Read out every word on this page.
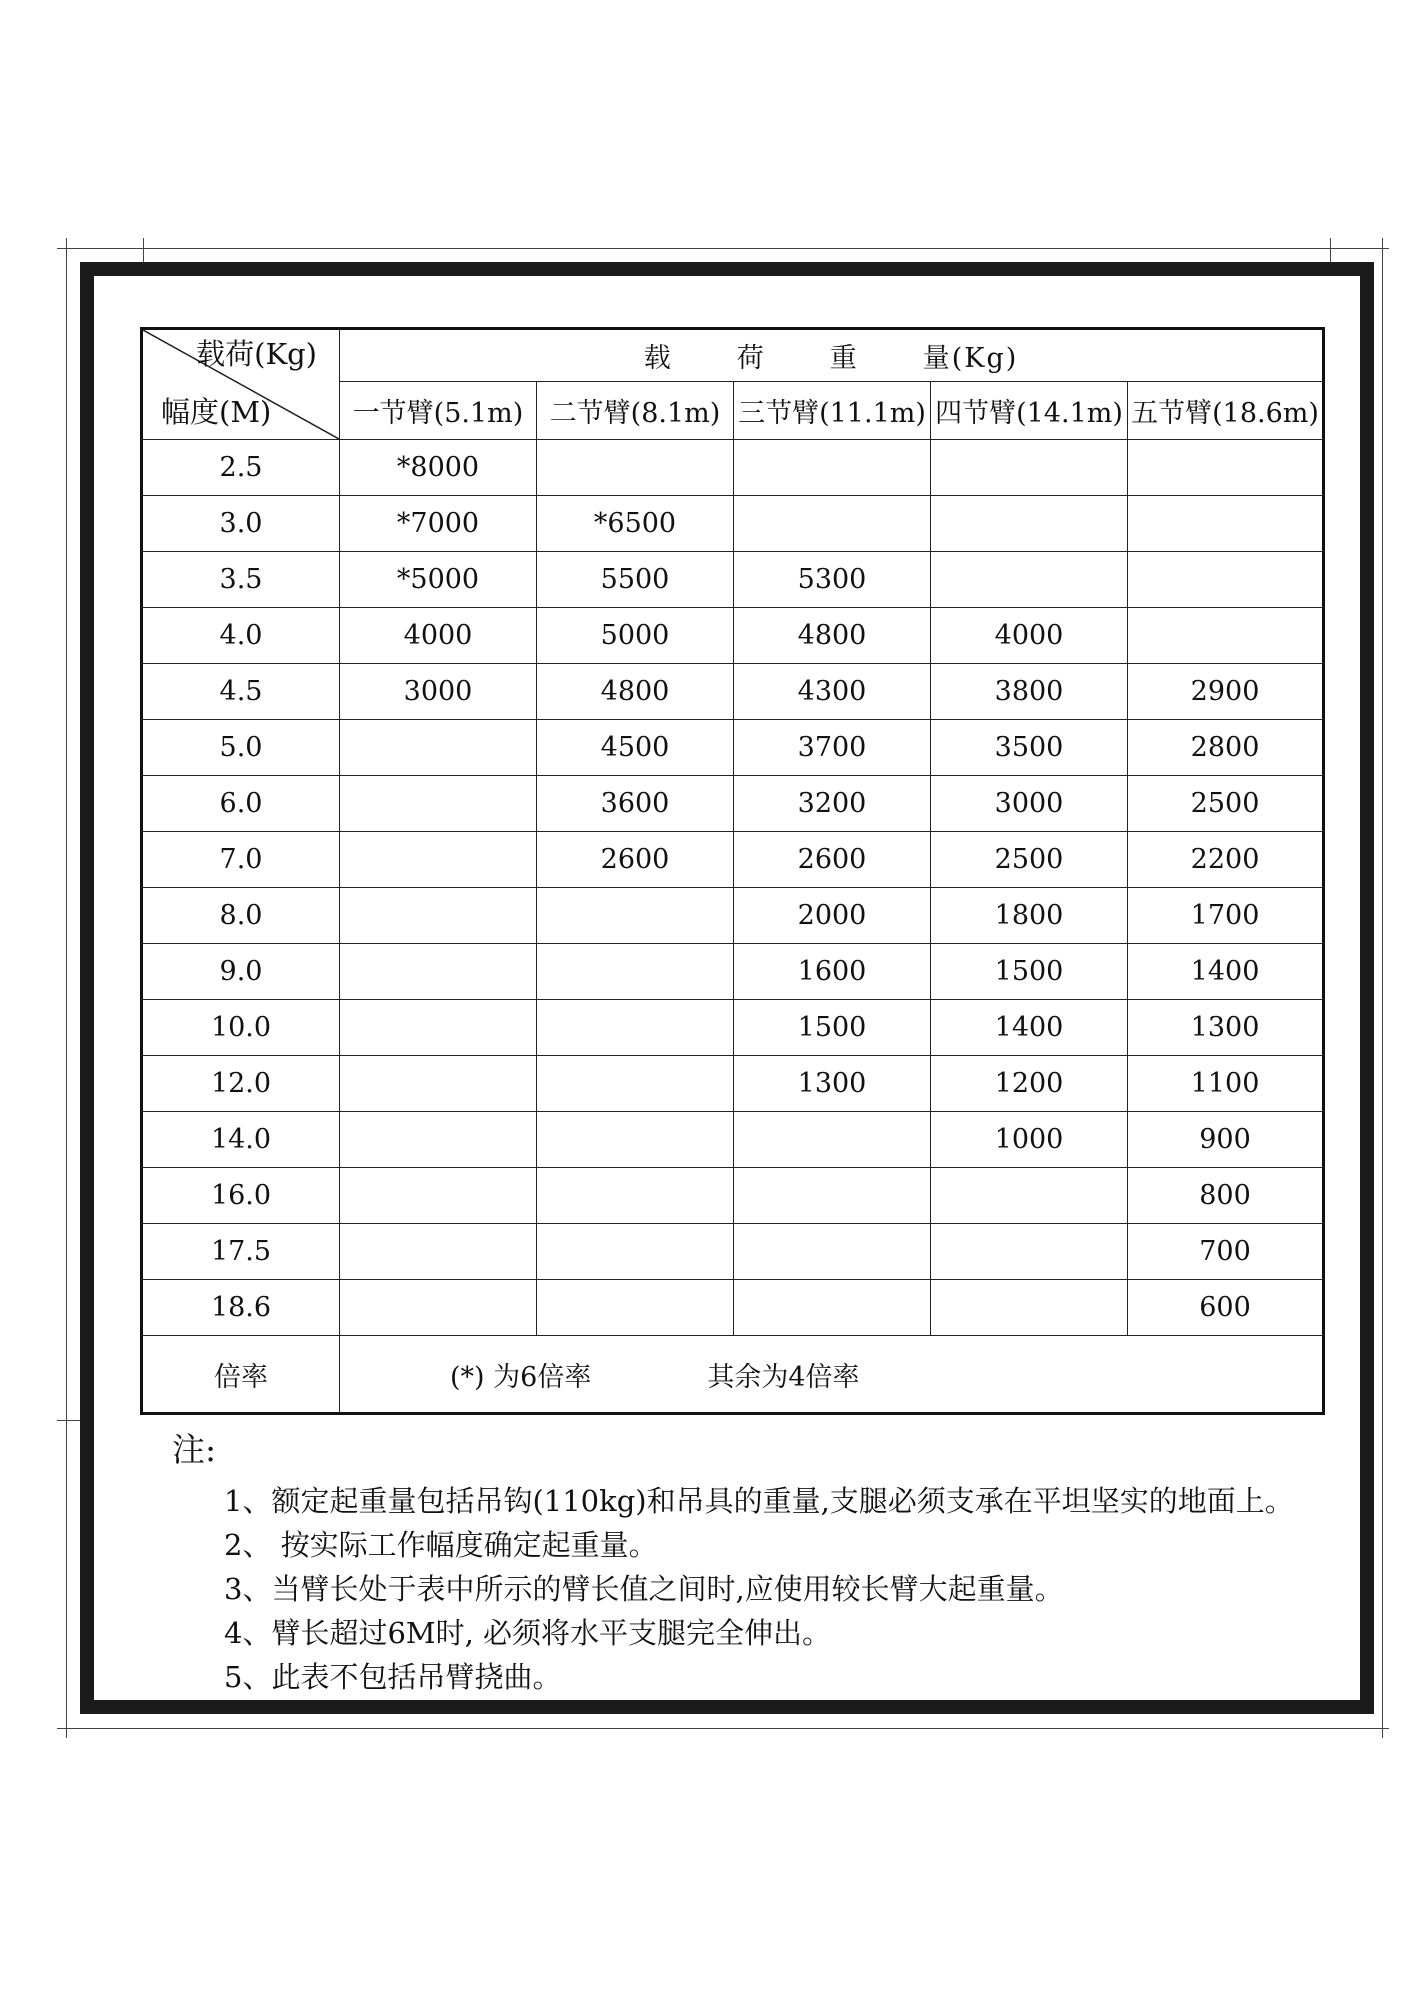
载荷(Kg)
幅度(M)	载 荷 重 量(Kg)				
	一节臂(5.1m)	二节臂(8.1m)	三节臂(11.1m)	四节臂(14.1m)	五节臂(18.6m)
2.5	*8000				
3.0	*7000	*6500			
3.5	*5000	5500	5300		
4.0	4000	5000	4800	4000	
4.5	3000	4800	4300	3800	2900
5.0		4500	3700	3500	2800
6.0		3600	3200	3000	2500
7.0		2600	2600	2500	2200
8.0			2000	1800	1700
9.0			1600	1500	1400
10.0			1500	1400	1300
12.0			1300	1200	1100
14.0				1000	900
16.0					800
17.5					700
18.6					600
倍率	(*) 为6倍率 其余为4倍率				
注:
1、额定起重量包括吊钩(110kg)和吊具的重量,支腿必须支承在平坦坚实的地面上。
2、 按实际工作幅度确定起重量。
3、当臂长处于表中所示的臂长值之间时,应使用较长臂大起重量。
4、臂长超过6M时, 必须将水平支腿完全伸出。
5、此表不包括吊臂挠曲。
